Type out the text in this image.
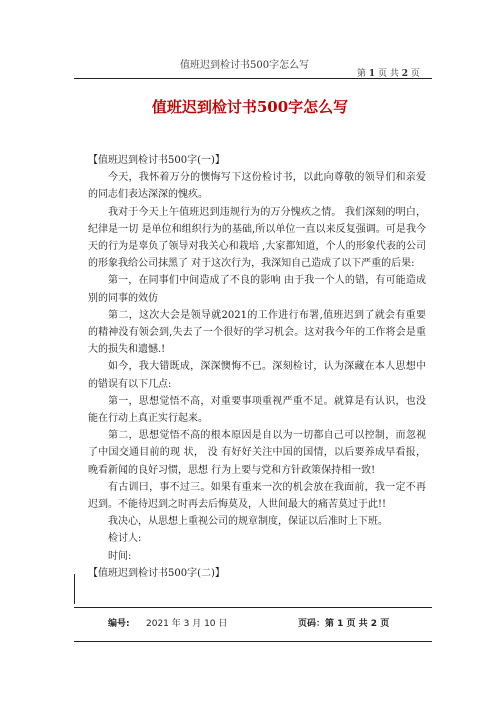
值班迟到检讨书500字怎么写
第 1 页 共 2 页
值班迟到检讨书500字怎么写

【值班迟到检讨书500字(一)】

今天，我怀着万分的懊悔写下这份检讨书，以此向尊敬的领导们和亲爱的同志们表达深深的愧疚。

我对于今天上午值班迟到违规行为的万分愧疚之情。 我们深刻的明白，纪律是一切 是单位和组织行为的基础,所以单位一直以来反复强调。可是我今天的行为是辜负了领导对我关心和栽培 ,大家都知道，个人的形象代表的公司的形象我给公司抹黑了 对于这次行为，我深知自己造成了以下严重的后果:

第一，在同事们中间造成了不良的影响 由于我一个人的错，有可能造成别的同事的效仿

第二，这次大会是领导就2021的工作进行布署,值班迟到了就会有重要的精神没有领会到,失去了一个很好的学习机会。这对我今年的工作将会是重大的损失和遗憾.!

如今，我大错既成，深深懊悔不已。深刻检讨，认为深藏在本人思想中的错误有以下几点:

第一，思想觉悟不高，对重要事项重视严重不足。就算是有认识，也没能在行动上真正实行起来。

第二，思想觉悟不高的根本原因是自以为一切都自己可以控制，而忽视了中国交通目前的现 状， 没 有好好关注中国的国情，以后要养成早看报，晚看新闻的良好习惯，思想 行为上要与党和方针政策保持相一致!

有古训曰，事不过三。如果有重来一次的机会放在我面前，我一定不再迟到。不能待迟到之时再去后悔莫及，人世间最大的痛苦莫过于此!!

我决心，从思想上重视公司的规章制度，保证以后准时上下班。

检讨人:

时间:

【值班迟到检讨书500字(二)】

编号: 2021 年 3 月 10 日	页码：第 1 页 共 2 页
